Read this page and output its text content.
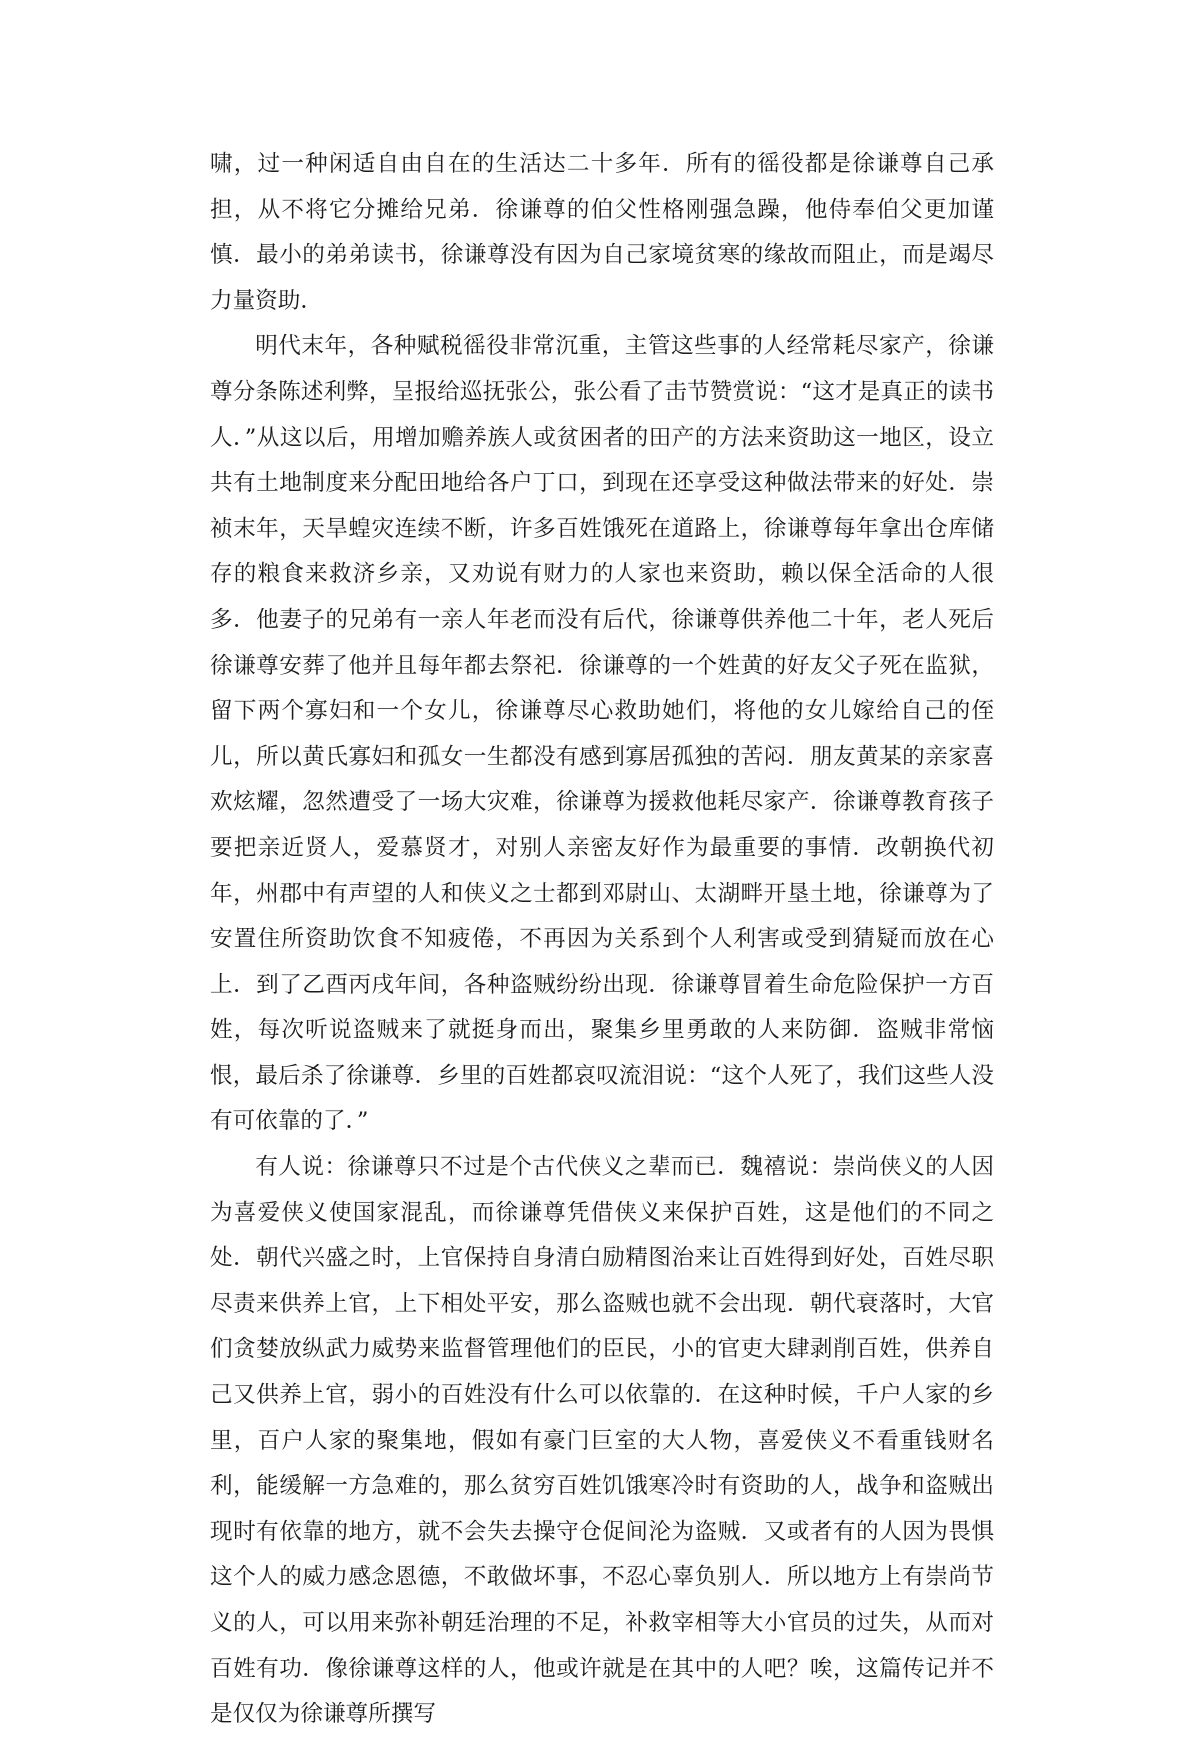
啸，过一种闲适自由自在的生活达二十多年．所有的徭役都是徐谦尊自己承担，从不将它分摊给兄弟．徐谦尊的伯父性格刚强急躁，他侍奉伯父更加谨慎．最小的弟弟读书，徐谦尊没有因为自己家境贫寒的缘故而阻止，而是竭尽力量资助．

明代末年，各种赋税徭役非常沉重，主管这些事的人经常耗尽家产，徐谦尊分条陈述利弊，呈报给巡抚张公，张公看了击节赞赏说：“这才是真正的读书人．”从这以后，用增加赡养族人或贫困者的田产的方法来资助这一地区，设立共有土地制度来分配田地给各户丁口，到现在还享受这种做法带来的好处．崇祯末年，天旱蝗灾连续不断，许多百姓饿死在道路上，徐谦尊每年拿出仓库储存的粮食来救济乡亲，又劝说有财力的人家也来资助，赖以保全活命的人很多．他妻子的兄弟有一亲人年老而没有后代，徐谦尊供养他二十年，老人死后徐谦尊安葬了他并且每年都去祭祀．徐谦尊的一个姓黄的好友父子死在监狱，留下两个寡妇和一个女儿，徐谦尊尽心救助她们，将他的女儿嫁给自己的侄儿，所以黄氏寡妇和孤女一生都没有感到寡居孤独的苦闷．朋友黄某的亲家喜欢炫耀，忽然遭受了一场大灾难，徐谦尊为援救他耗尽家产．徐谦尊教育孩子要把亲近贤人，爱慕贤才，对别人亲密友好作为最重要的事情．改朝换代初年，州郡中有声望的人和侠义之士都到邓尉山、太湖畔开垦土地，徐谦尊为了安置住所资助饮食不知疲倦，不再因为关系到个人利害或受到猜疑而放在心上．到了乙酉丙戌年间，各种盗贼纷纷出现．徐谦尊冒着生命危险保护一方百姓，每次听说盗贼来了就挺身而出，聚集乡里勇敢的人来防御．盗贼非常恼恨，最后杀了徐谦尊．乡里的百姓都哀叹流泪说：“这个人死了，我们这些人没有可依靠的了．”

有人说：徐谦尊只不过是个古代侠义之辈而已．魏禧说：崇尚侠义的人因为喜爱侠义使国家混乱，而徐谦尊凭借侠义来保护百姓，这是他们的不同之处．朝代兴盛之时，上官保持自身清白励精图治来让百姓得到好处，百姓尽职尽责来供养上官，上下相处平安，那么盗贼也就不会出现．朝代衰落时，大官们贪婪放纵武力威势来监督管理他们的臣民，小的官吏大肆剥削百姓，供养自己又供养上官，弱小的百姓没有什么可以依靠的．在这种时候，千户人家的乡里，百户人家的聚集地，假如有豪门巨室的大人物，喜爱侠义不看重钱财名利，能缓解一方急难的，那么贫穷百姓饥饿寒冷时有资助的人，战争和盗贼出现时有依靠的地方，就不会失去操守仓促间沦为盗贼．又或者有的人因为畏惧这个人的威力感念恩德，不敢做坏事，不忍心辜负别人．所以地方上有崇尚节义的人，可以用来弥补朝廷治理的不足，补救宰相等大小官员的过失，从而对百姓有功．像徐谦尊这样的人，他或许就是在其中的人吧？唉，这篇传记并不是仅仅为徐谦尊所撰写
